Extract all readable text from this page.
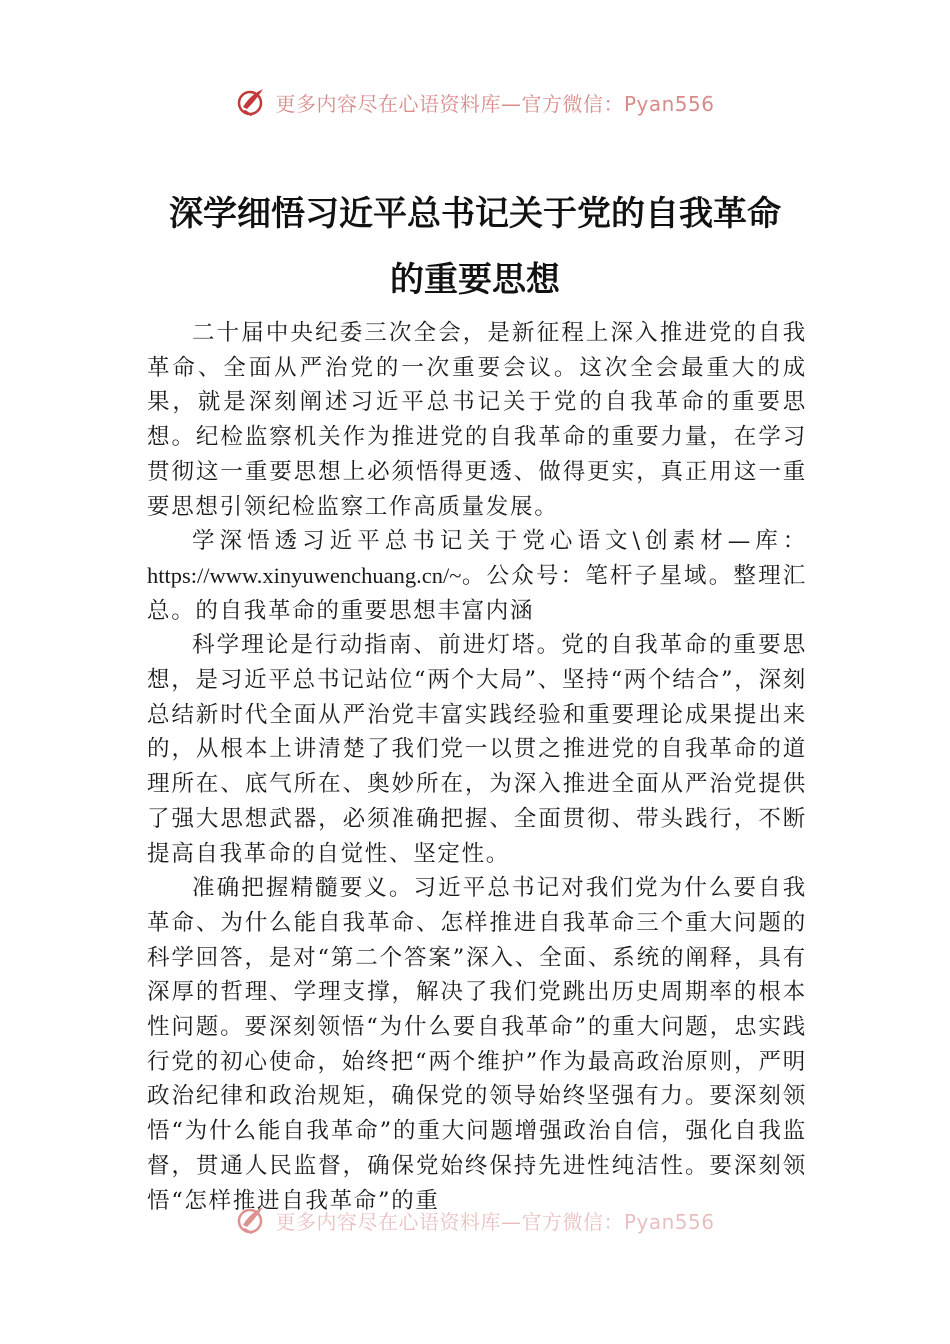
更多内容尽在心语资料库—官方微信：Pyan556
深学细悟习近平总书记关于党的自我革命
的重要思想

二十届中央纪委三次全会，是新征程上深入推进党的自我革命、全面从严治党的一次重要会议。这次全会最重大的成果，就是深刻阐述习近平总书记关于党的自我革命的重要思想。纪检监察机关作为推进党的自我革命的重要力量，在学习贯彻这一重要思想上必须悟得更透、做得更实，真正用这一重要思想引领纪检监察工作高质量发展。

学深悟透习近平总书记关于党心语文\创素材—库：https://www.xinyuwenchuang.cn/~。公众号：笔杆子星域。整理汇总。的自我革命的重要思想丰富内涵

科学理论是行动指南、前进灯塔。党的自我革命的重要思想，是习近平总书记站位“两个大局”、坚持“两个结合”，深刻总结新时代全面从严治党丰富实践经验和重要理论成果提出来的，从根本上讲清楚了我们党一以贯之推进党的自我革命的道理所在、底气所在、奥妙所在，为深入推进全面从严治党提供了强大思想武器，必须准确把握、全面贯彻、带头践行，不断提高自我革命的自觉性、坚定性。

准确把握精髓要义。习近平总书记对我们党为什么要自我革命、为什么能自我革命、怎样推进自我革命三个重大问题的科学回答，是对“第二个答案”深入、全面、系统的阐释，具有深厚的哲理、学理支撑，解决了我们党跳出历史周期率的根本性问题。要深刻领悟“为什么要自我革命”的重大问题，忠实践行党的初心使命，始终把“两个维护”作为最高政治原则，严明政治纪律和政治规矩，确保党的领导始终坚强有力。要深刻领悟“为什么能自我革命”的重大问题增强政治自信，强化自我监督，贯通人民监督，确保党始终保持先进性纯洁性。要深刻领悟“怎样推进自我革命”的重

更多内容尽在心语资料库—官方微信：Pyan556
